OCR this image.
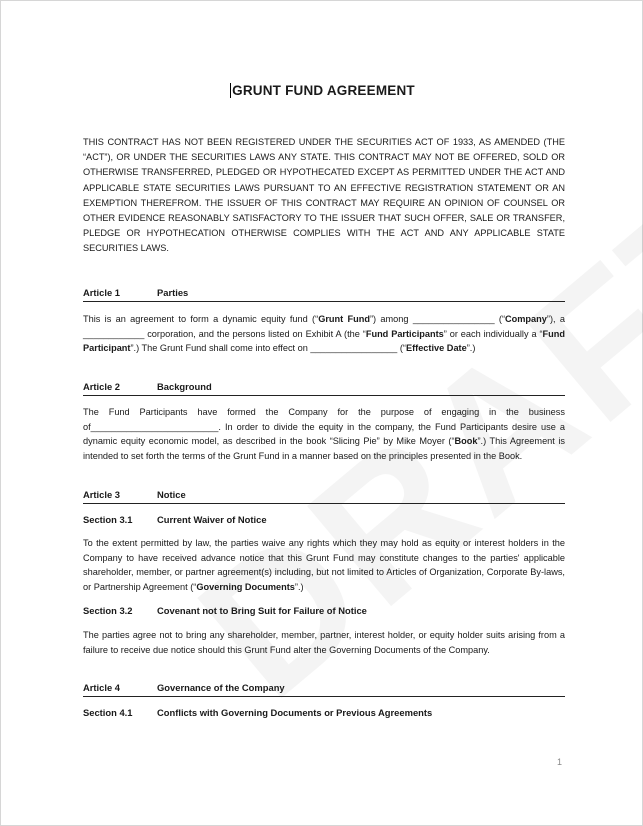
GRUNT FUND AGREEMENT

THIS CONTRACT HAS NOT BEEN REGISTERED UNDER THE SECURITIES ACT OF 1933, AS AMENDED (THE “ACT”), OR UNDER THE SECURITIES LAWS ANY STATE. THIS CONTRACT MAY NOT BE OFFERED, SOLD OR OTHERWISE TRANSFERRED, PLEDGED OR HYPOTHECATED EXCEPT AS PERMITTED UNDER THE ACT AND APPLICABLE STATE SECURITIES LAWS PURSUANT TO AN EFFECTIVE REGISTRATION STATEMENT OR AN EXEMPTION THEREFROM. THE ISSUER OF THIS CONTRACT MAY REQUIRE AN OPINION OF COUNSEL OR OTHER EVIDENCE REASONABLY SATISFACTORY TO THE ISSUER THAT SUCH OFFER, SALE OR TRANSFER, PLEDGE OR HYPOTHECATION OTHERWISE COMPLIES WITH THE ACT AND ANY APPLICABLE STATE SECURITIES LAWS.

Article 1	Parties

This is an agreement to form a dynamic equity fund (“Grunt Fund”) among ________________ (“Company”), a ____________ corporation, and the persons listed on Exhibit A (the “Fund Participants” or each individually a “Fund Participant”.) The Grunt Fund shall come into effect on _________________ (“Effective Date”.)

Article 2	Background

The Fund Participants have formed the Company for the purpose of engaging in the business of_________________________. In order to divide the equity in the company, the Fund Participants desire use a dynamic equity economic model, as described in the book “Slicing Pie” by Mike Moyer (“Book”.) This Agreement is intended to set forth the terms of the Grunt Fund in a manner based on the principles presented in the Book.

Article 3	Notice
Section 3.1	Current Waiver of Notice

To the extent permitted by law, the parties waive any rights which they may hold as equity or interest holders in the Company to have received advance notice that this Grunt Fund may constitute changes to the parties' applicable shareholder, member, or partner agreement(s) including, but not limited to Articles of Organization, Corporate By-laws, or Partnership Agreement (“Governing Documents”.)

Section 3.2	Covenant not to Bring Suit for Failure of Notice

The parties agree not to bring any shareholder, member, partner, interest holder, or equity holder suits arising from a failure to receive due notice should this Grunt Fund alter the Governing Documents of the Company.

Article 4	Governance of the Company
Section 4.1	Conflicts with Governing Documents or Previous Agreements
1
